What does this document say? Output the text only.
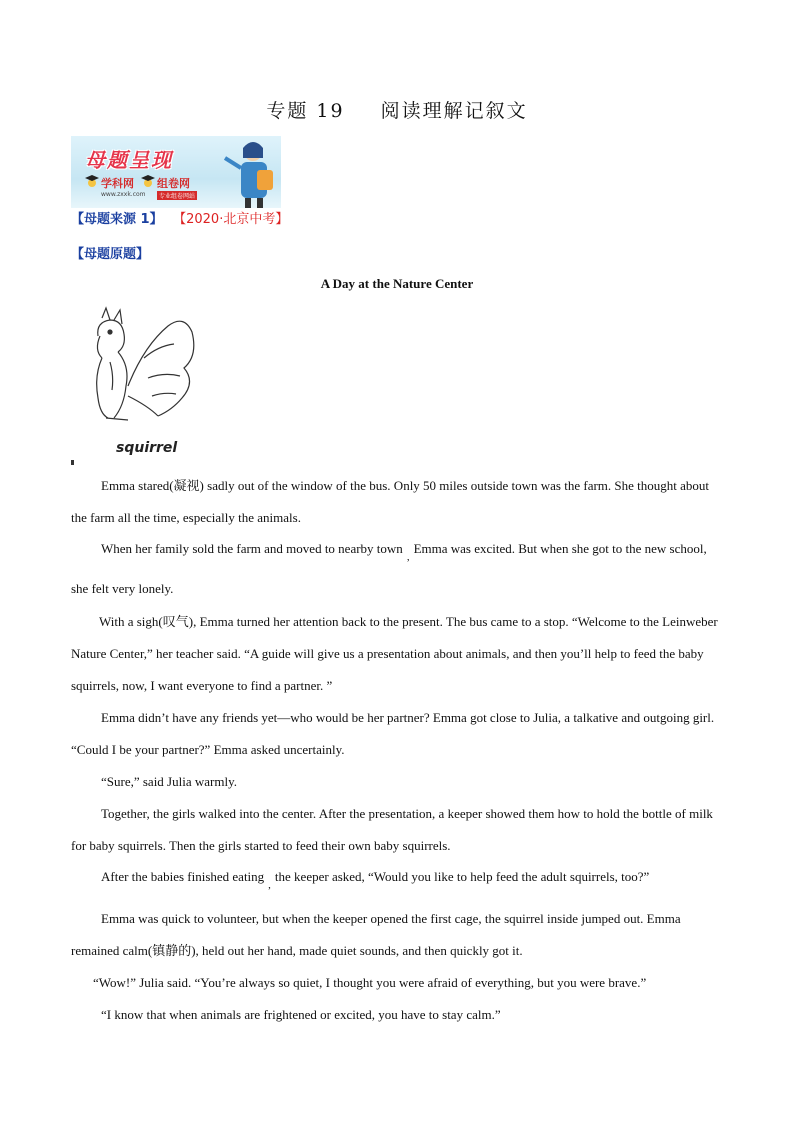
专题 19 阅读理解记叙文
母题呈现
学科网
www.zxxk.com
组卷网
专业组卷网站
【母题来源 1】 【2020·北京中考】
【母题原题】
A Day at the Nature Center
squirrel

Emma stared(凝视) sadly out of the window of the bus. Only 50 miles outside town was the farm. She thought about the farm all the time, especially the animals.

When her family sold the farm and moved to nearby town$_,$Emma was excited. But when she got to the new school, she felt very lonely.

With a sigh(叹气), Emma turned her attention back to the present. The bus came to a stop. “Welcome to the Leinweber Nature Center,” her teacher said. “A guide will give us a presentation about animals, and then you’ll help to feed the baby squirrels, now, I want everyone to find a partner. ”

Emma didn’t have any friends yet—who would be her partner? Emma got close to Julia, a talkative and outgoing girl. “Could I be your partner?” Emma asked uncertainly.

“Sure,” said Julia warmly.

Together, the girls walked into the center. After the presentation, a keeper showed them how to hold the bottle of milk for baby squirrels. Then the girls started to feed their own baby squirrels.

After the babies finished eating$_,$the keeper asked, “Would you like to help feed the adult squirrels, too?”

Emma was quick to volunteer, but when the keeper opened the first cage, the squirrel inside jumped out. Emma remained calm(镇静的), held out her hand, made quiet sounds, and then quickly got it.

“Wow!” Julia said. “You’re always so quiet, I thought you were afraid of everything, but you were brave.”

“I know that when animals are frightened or excited, you have to stay calm.”
